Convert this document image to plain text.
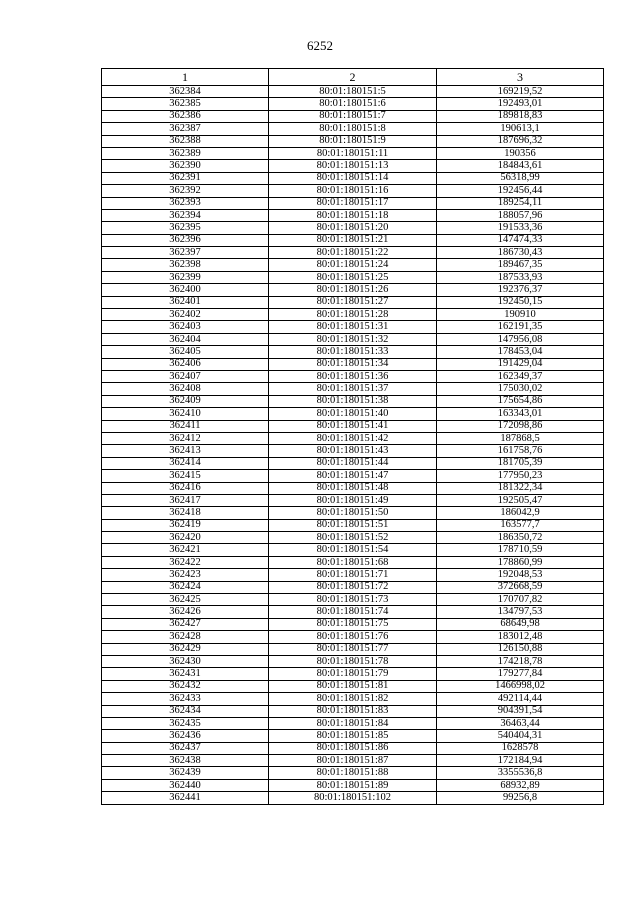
6252
1	2	3
362384	80:01:180151:5	169219,52
362385	80:01:180151:6	192493,01
362386	80:01:180151:7	189818,83
362387	80:01:180151:8	190613,1
362388	80:01:180151:9	187696,32
362389	80:01:180151:11	190356
362390	80:01:180151:13	184843,61
362391	80:01:180151:14	56318,99
362392	80:01:180151:16	192456,44
362393	80:01:180151:17	189254,11
362394	80:01:180151:18	188057,96
362395	80:01:180151:20	191533,36
362396	80:01:180151:21	147474,33
362397	80:01:180151:22	186730,43
362398	80:01:180151:24	189467,35
362399	80:01:180151:25	187533,93
362400	80:01:180151:26	192376,37
362401	80:01:180151:27	192450,15
362402	80:01:180151:28	190910
362403	80:01:180151:31	162191,35
362404	80:01:180151:32	147956,08
362405	80:01:180151:33	178453,04
362406	80:01:180151:34	191429,04
362407	80:01:180151:36	162349,37
362408	80:01:180151:37	175030,02
362409	80:01:180151:38	175654,86
362410	80:01:180151:40	163343,01
362411	80:01:180151:41	172098,86
362412	80:01:180151:42	187868,5
362413	80:01:180151:43	161758,76
362414	80:01:180151:44	181705,39
362415	80:01:180151:47	177950,23
362416	80:01:180151:48	181322,34
362417	80:01:180151:49	192505,47
362418	80:01:180151:50	186042,9
362419	80:01:180151:51	163577,7
362420	80:01:180151:52	186350,72
362421	80:01:180151:54	178710,59
362422	80:01:180151:68	178860,99
362423	80:01:180151:71	192048,53
362424	80:01:180151:72	372668,59
362425	80:01:180151:73	170707,82
362426	80:01:180151:74	134797,53
362427	80:01:180151:75	68649,98
362428	80:01:180151:76	183012,48
362429	80:01:180151:77	126150,88
362430	80:01:180151:78	174218,78
362431	80:01:180151:79	179277,84
362432	80:01:180151:81	1466998,02
362433	80:01:180151:82	492114,44
362434	80:01:180151:83	904391,54
362435	80:01:180151:84	36463,44
362436	80:01:180151:85	540404,31
362437	80:01:180151:86	1628578
362438	80:01:180151:87	172184,94
362439	80:01:180151:88	3355536,8
362440	80:01:180151:89	68932,89
362441	80:01:180151:102	99256,8
